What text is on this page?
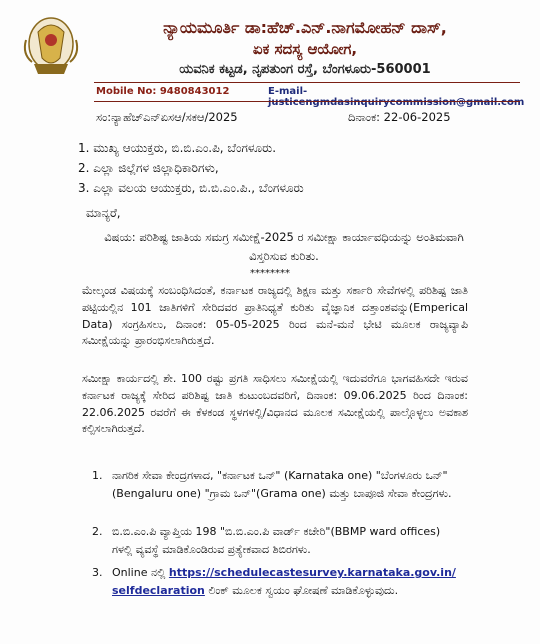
ನ್ಯಾಯಮೂರ್ತಿ ಡಾ:ಹೆಚ್.ಎನ್.ನಾಗಮೋಹನ್ ದಾಸ್,
ಏಕ ಸದಸ್ಯ ಆಯೋಗ,
ಯವನಿಕ ಕಟ್ಟಡ, ನೃಪತುಂಗ ರಸ್ತೆ, ಬೆಂಗಳೂರು-560001
Mobile No: 9480843012	E-mail-justicengmdasinquirycommission@gmail.com
ಸಂ:ನ್ಯಾಹೆಚ್‌ಎನ್‌ಏಸಆ/ಸಕಆ/2025	ದಿನಾಂಕ: 22-06-2025
1. ಮುಖ್ಯ ಆಯುಕ್ತರು, ಬಿ.ಬಿ.ಎಂ.ಪಿ, ಬೆಂಗಳೂರು.
2. ಎಲ್ಲಾ ಜಿಲ್ಲೆಗಳ ಜಿಲ್ಲಾಧಿಕಾರಿಗಳು,
3. ಎಲ್ಲಾ ವಲಯ ಆಯುಕ್ತರು, ಬಿ.ಬಿ.ಎಂ.ಪಿ., ಬೆಂಗಳೂರು
ಮಾನ್ಯರೆ,
ವಿಷಯ: ಪರಿಶಿಷ್ಟ ಜಾತಿಯ ಸಮಗ್ರ ಸಮೀಕ್ಷೆ-2025 ರ ಸಮೀಕ್ಷಾ ಕಾರ್ಯಾವಧಿಯನ್ನು ಅಂತಿಮವಾಗಿ ವಿಸ್ತರಿಸುವ ಕುರಿತು.
********
ಮೇಲ್ಕಂಡ ವಿಷಯಕ್ಕೆ ಸಂಬಂಧಿಸಿದಂತೆ, ಕರ್ನಾಟಕ ರಾಜ್ಯದಲ್ಲಿ ಶಿಕ್ಷಣ ಮತ್ತು ಸರ್ಕಾರಿ ಸೇವೆಗಳಲ್ಲಿ ಪರಿಶಿಷ್ಟ ಜಾತಿ ಪಟ್ಟಿಯಲ್ಲಿನ 101 ಜಾತಿಗಳಿಗೆ ಸೇರಿದವರ ಪ್ರಾತಿನಿಧ್ಯತೆ ಕುರಿತು ವೈಜ್ಞಾನಿಕ ದತ್ತಾಂಶವನ್ನು(Emperical Data) ಸಂಗ್ರಹಿಸಲು, ದಿನಾಂಕ: 05-05-2025 ರಿಂದ ಮನೆ-ಮನೆ ಭೇಟಿ ಮೂಲಕ ರಾಜ್ಯವ್ಯಾಪಿ ಸಮೀಕ್ಷೆಯನ್ನು ಪ್ರಾರಂಭಿಸಲಾಗಿರುತ್ತದೆ.
ಸಮೀಕ್ಷಾ ಕಾರ್ಯದಲ್ಲಿ ಶೇ. 100 ರಷ್ಟು ಪ್ರಗತಿ ಸಾಧಿಸಲು ಸಮೀಕ್ಷೆಯಲ್ಲಿ ಇದುವರೆಗೂ ಭಾಗವಹಿಸದೇ ಇರುವ ಕರ್ನಾಟಕ ರಾಜ್ಯಕ್ಕೆ ಸೇರಿದ ಪರಿಶಿಷ್ಟ ಜಾತಿ ಕುಟುಂಬದವರಿಗೆ, ದಿನಾಂಕ: 09.06.2025 ರಿಂದ ದಿನಾಂಕ: 22.06.2025 ರವರೆಗೆ ಈ ಕೆಳಕಂಡ ಸ್ಥಳಗಳಲ್ಲಿ/ವಿಧಾನದ ಮೂಲಕ ಸಮೀಕ್ಷೆಯಲ್ಲಿ ಪಾಲ್ಗೊಳ್ಳಲು ಅವಕಾಶ ಕಲ್ಪಿಸಲಾಗಿರುತ್ತದೆ.
1. ನಾಗರಿಕ ಸೇವಾ ಕೇಂದ್ರಗಳಾದ, "ಕರ್ನಾಟಕ ಒನ್" (Karnataka one) "ಬೆಂಗಳೂರು ಒನ್" (Bengaluru one) "ಗ್ರಾಮ ಒನ್"(Grama one) ಮತ್ತು ಬಾಪೂಜಿ ಸೇವಾ ಕೇಂದ್ರಗಳು.
2. ಬಿ.ಬಿ.ಎಂ.ಪಿ ವ್ಯಾಪ್ತಿಯ 198 "ಬಿ.ಬಿ.ಎಂ.ಪಿ ವಾರ್ಡ್ ಕಚೇರಿ"(BBMP ward offices) ಗಳಲ್ಲಿ ವ್ಯವಸ್ಥೆ ಮಾಡಿಕೊಂಡಿರುವ ಪ್ರತ್ಯೇಕವಾದ ಶಿಬಿರಗಳು.
3. Online ನಲ್ಲಿ https://schedulecastesurvey.karnataka.gov.in/selfdeclaration ಲಿಂಕ್ ಮೂಲಕ ಸ್ವಯಂ ಘೋಷಣೆ ಮಾಡಿಕೊಳ್ಳುವುದು.
